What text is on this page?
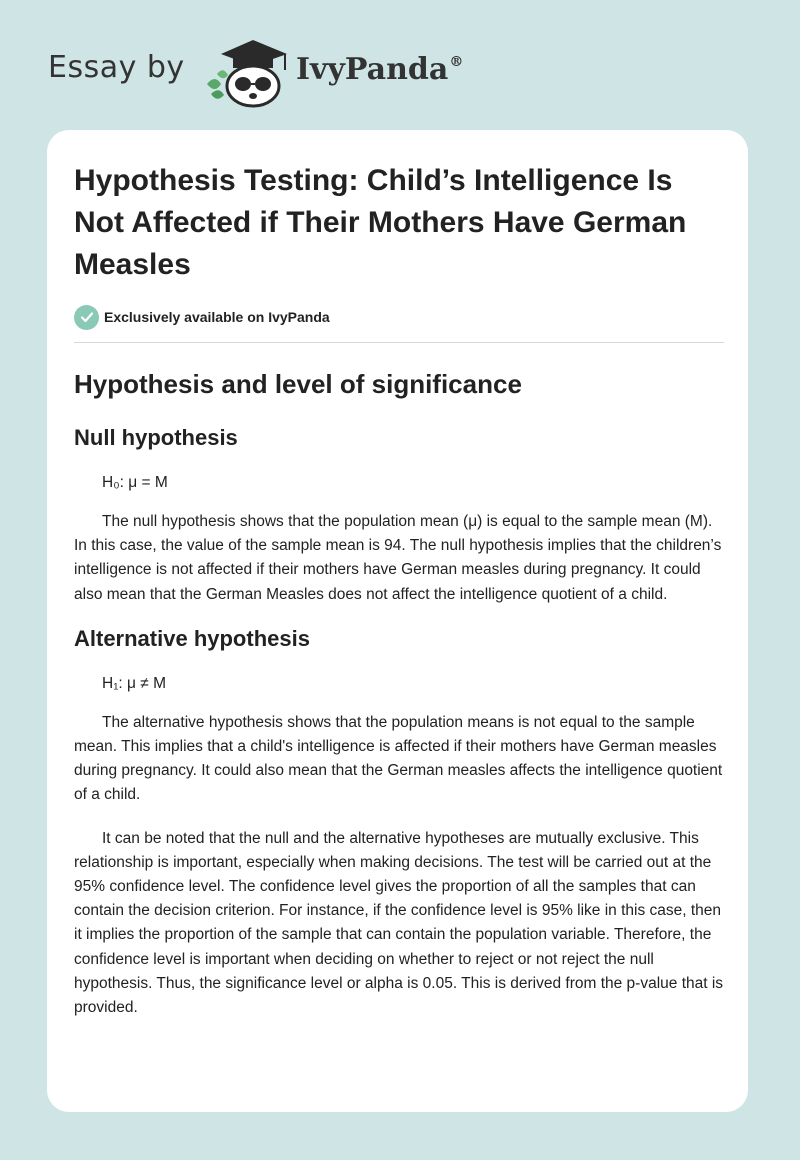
Essay by	IvyPanda®
Hypothesis Testing: Child’s Intelligence Is Not Affected if Their Mothers Have German Measles
Exclusively available on IvyPanda
Hypothesis and level of significance
Null hypothesis
H₀: μ = M

The null hypothesis shows that the population mean (μ) is equal to the sample mean (M). In this case, the value of the sample mean is 94. The null hypothesis implies that the children’s intelligence is not affected if their mothers have German measles during pregnancy. It could also mean that the German Measles does not affect the intelligence quotient of a child.

Alternative hypothesis
H₁: μ ≠ M

The alternative hypothesis shows that the population means is not equal to the sample mean. This implies that a child's intelligence is affected if their mothers have German measles during pregnancy. It could also mean that the German measles affects the intelligence quotient of a child.

It can be noted that the null and the alternative hypotheses are mutually exclusive. This relationship is important, especially when making decisions. The test will be carried out at the 95% confidence level. The confidence level gives the proportion of all the samples that can contain the decision criterion. For instance, if the confidence level is 95% like in this case, then it implies the proportion of the sample that can contain the population variable. Therefore, the confidence level is important when deciding on whether to reject or not reject the null hypothesis. Thus, the significance level or alpha is 0.05. This is derived from the p-value that is provided.
